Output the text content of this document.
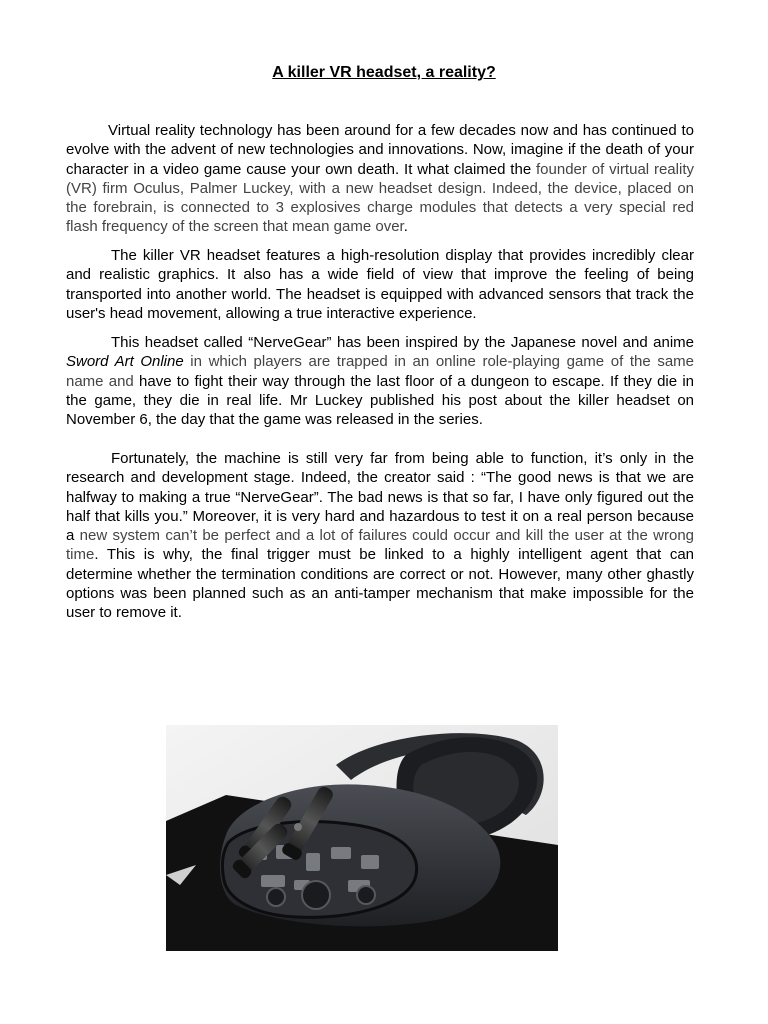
A killer VR headset, a reality?

Virtual reality technology has been around for a few decades now and has continued to evolve with the advent of new technologies and innovations. Now, imagine if the death of your character in a video game cause your own death. It what claimed the founder of virtual reality (VR) firm Oculus, Palmer Luckey, with a new headset design. Indeed, the device, placed on the forebrain, is connected to 3 explosives charge modules that detects a very special red flash frequency of the screen that mean game over.

The killer VR headset features a high-resolution display that provides incredibly clear and realistic graphics. It also has a wide field of view that improve the feeling of being transported into another world. The headset is equipped with advanced sensors that track the user's head movement, allowing a true interactive experience.

This headset called “NerveGear” has been inspired by the Japanese novel and anime Sword Art Online in which players are trapped in an online role-playing game of the same name and have to fight their way through the last floor of a dungeon to escape. If they die in the game, they die in real life. Mr Luckey published his post about the killer headset on November 6, the day that the game was released in the series.

Fortunately, the machine is still very far from being able to function, it’s only in the research and development stage. Indeed, the creator said : “The good news is that we are halfway to making a true “NerveGear”. The bad news is that so far, I have only figured out the half that kills you.” Moreover, it is very hard and hazardous to test it on a real person because a new system can’t be perfect and a lot of failures could occur and kill the user at the wrong time. This is why, the final trigger must be linked to a highly intelligent agent that can determine whether the termination conditions are correct or not. However, many other ghastly options was been planned such as an anti-tamper mechanism that make impossible for the user to remove it.
